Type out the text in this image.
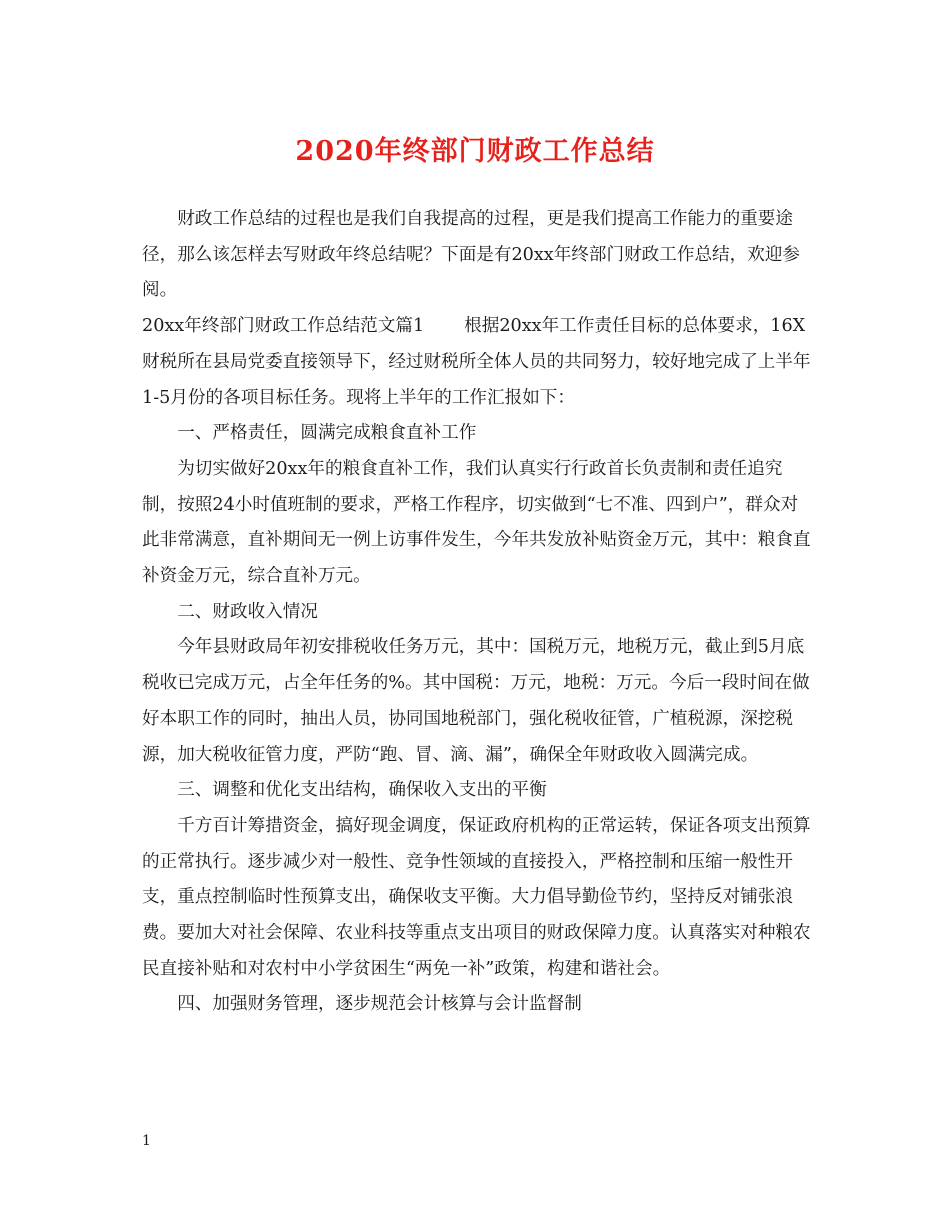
2020年终部门财政工作总结

财政工作总结的过程也是我们自我提高的过程，更是我们提高工作能力的重要途径，那么该怎样去写财政年终总结呢？下面是有20xx年终部门财政工作总结，欢迎参阅。

20xx年终部门财政工作总结范文篇1 根据20xx年工作责任目标的总体要求，16X财税所在县局党委直接领导下，经过财税所全体人员的共同努力，较好地完成了上半年1-5月份的各项目标任务。现将上半年的工作汇报如下：

一、严格责任，圆满完成粮食直补工作

为切实做好20xx年的粮食直补工作，我们认真实行行政首长负责制和责任追究制，按照24小时值班制的要求，严格工作程序，切实做到“七不准、四到户”，群众对此非常满意，直补期间无一例上访事件发生，今年共发放补贴资金万元，其中：粮食直补资金万元，综合直补万元。

二、财政收入情况

今年县财政局年初安排税收任务万元，其中：国税万元，地税万元，截止到5月底税收已完成万元，占全年任务的%。其中国税：万元，地税：万元。今后一段时间在做好本职工作的同时，抽出人员，协同国地税部门，强化税收征管，广植税源，深挖税源，加大税收征管力度，严防“跑、冒、滴、漏”，确保全年财政收入圆满完成。

三、调整和优化支出结构，确保收入支出的平衡

千方百计筹措资金，搞好现金调度，保证政府机构的正常运转，保证各项支出预算的正常执行。逐步减少对一般性、竞争性领域的直接投入，严格控制和压缩一般性开支，重点控制临时性预算支出，确保收支平衡。大力倡导勤俭节约，坚持反对铺张浪费。要加大对社会保障、农业科技等重点支出项目的财政保障力度。认真落实对种粮农民直接补贴和对农村中小学贫困生“两免一补”政策，构建和谐社会。

四、加强财务管理，逐步规范会计核算与会计监督制

1
